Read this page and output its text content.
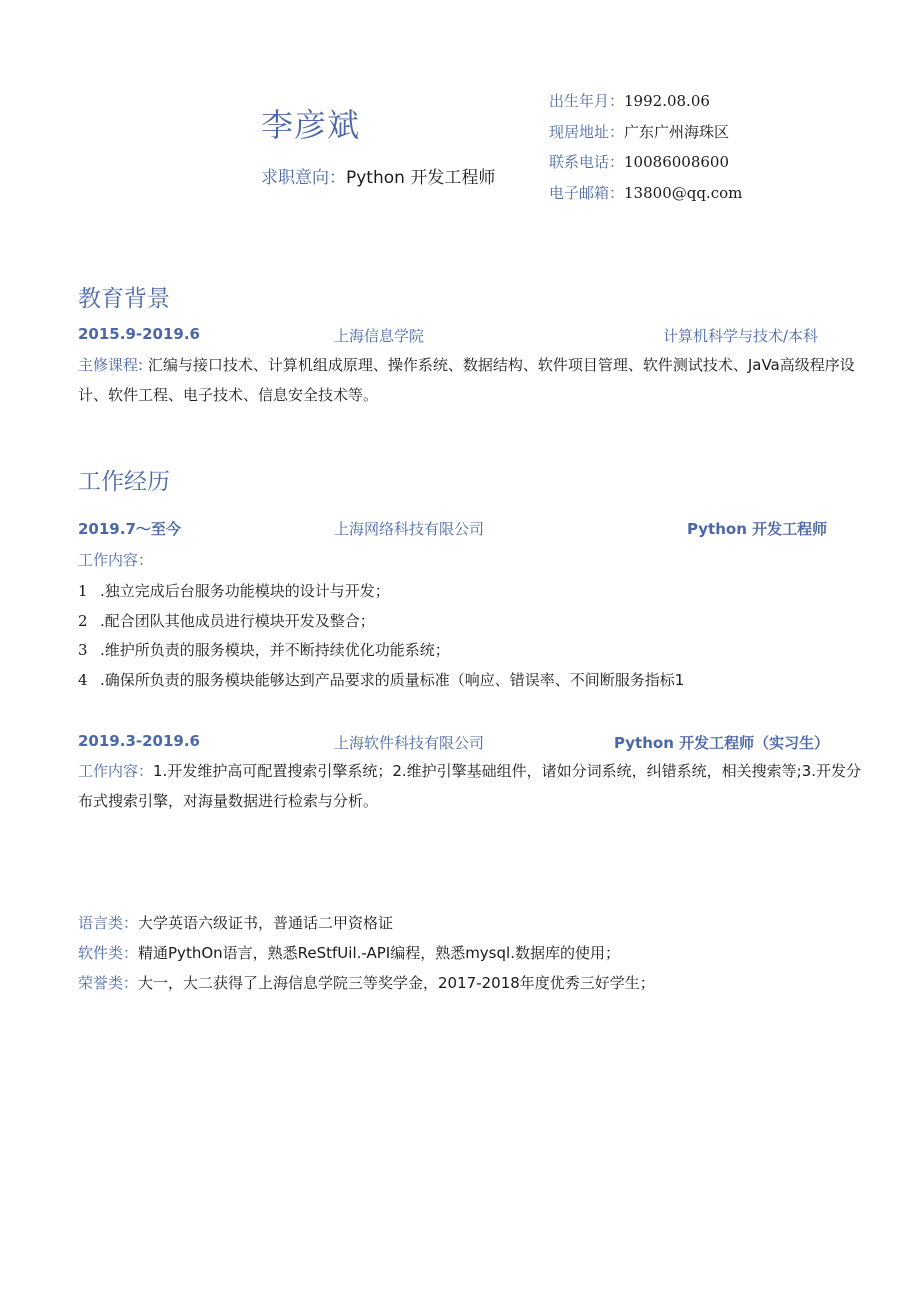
李彦斌
求职意向：Python 开发工程师
出生年月：1992.08.06
现居地址：广东广州海珠区
联系电话：10086008600
电子邮箱：13800@qq.com
教育背景
2015.9-2019.6	上海信息学院	计算机科学与技术/本科
主修课程: 汇编与接口技术、计算机组成原理、操作系统、数据结构、软件项目管理、软件测试技术、JaVa高级程序设计、软件工程、电子技术、信息安全技术等。
工作经历
2019.7～至今	上海网络科技有限公司	Python 开发工程师
工作内容：
1 .独立完成后台服务功能模块的设计与开发；
2 .配合团队其他成员进行模块开发及整合；
3 .维护所负责的服务模块，并不断持续优化功能系统；
4 .确保所负责的服务模块能够达到产品要求的质量标准（响应、错误率、不间断服务指标1
2019.3-2019.6	上海软件科技有限公司	Python 开发工程师（实习生）
工作内容：1.开发维护高可配置搜索引擎系统；2.维护引擎基础组件，诸如分词系统，纠错系统，相关搜索等;3.开发分布式搜索引擎，对海量数据进行检索与分析。
语言类：大学英语六级证书，普通话二甲资格证
软件类：精通PythOn语言，熟悉ReStfUil.-API编程，熟悉mysql.数据库的使用；
荣誉类：大一，大二获得了上海信息学院三等奖学金，2017-2018年度优秀三好学生；
